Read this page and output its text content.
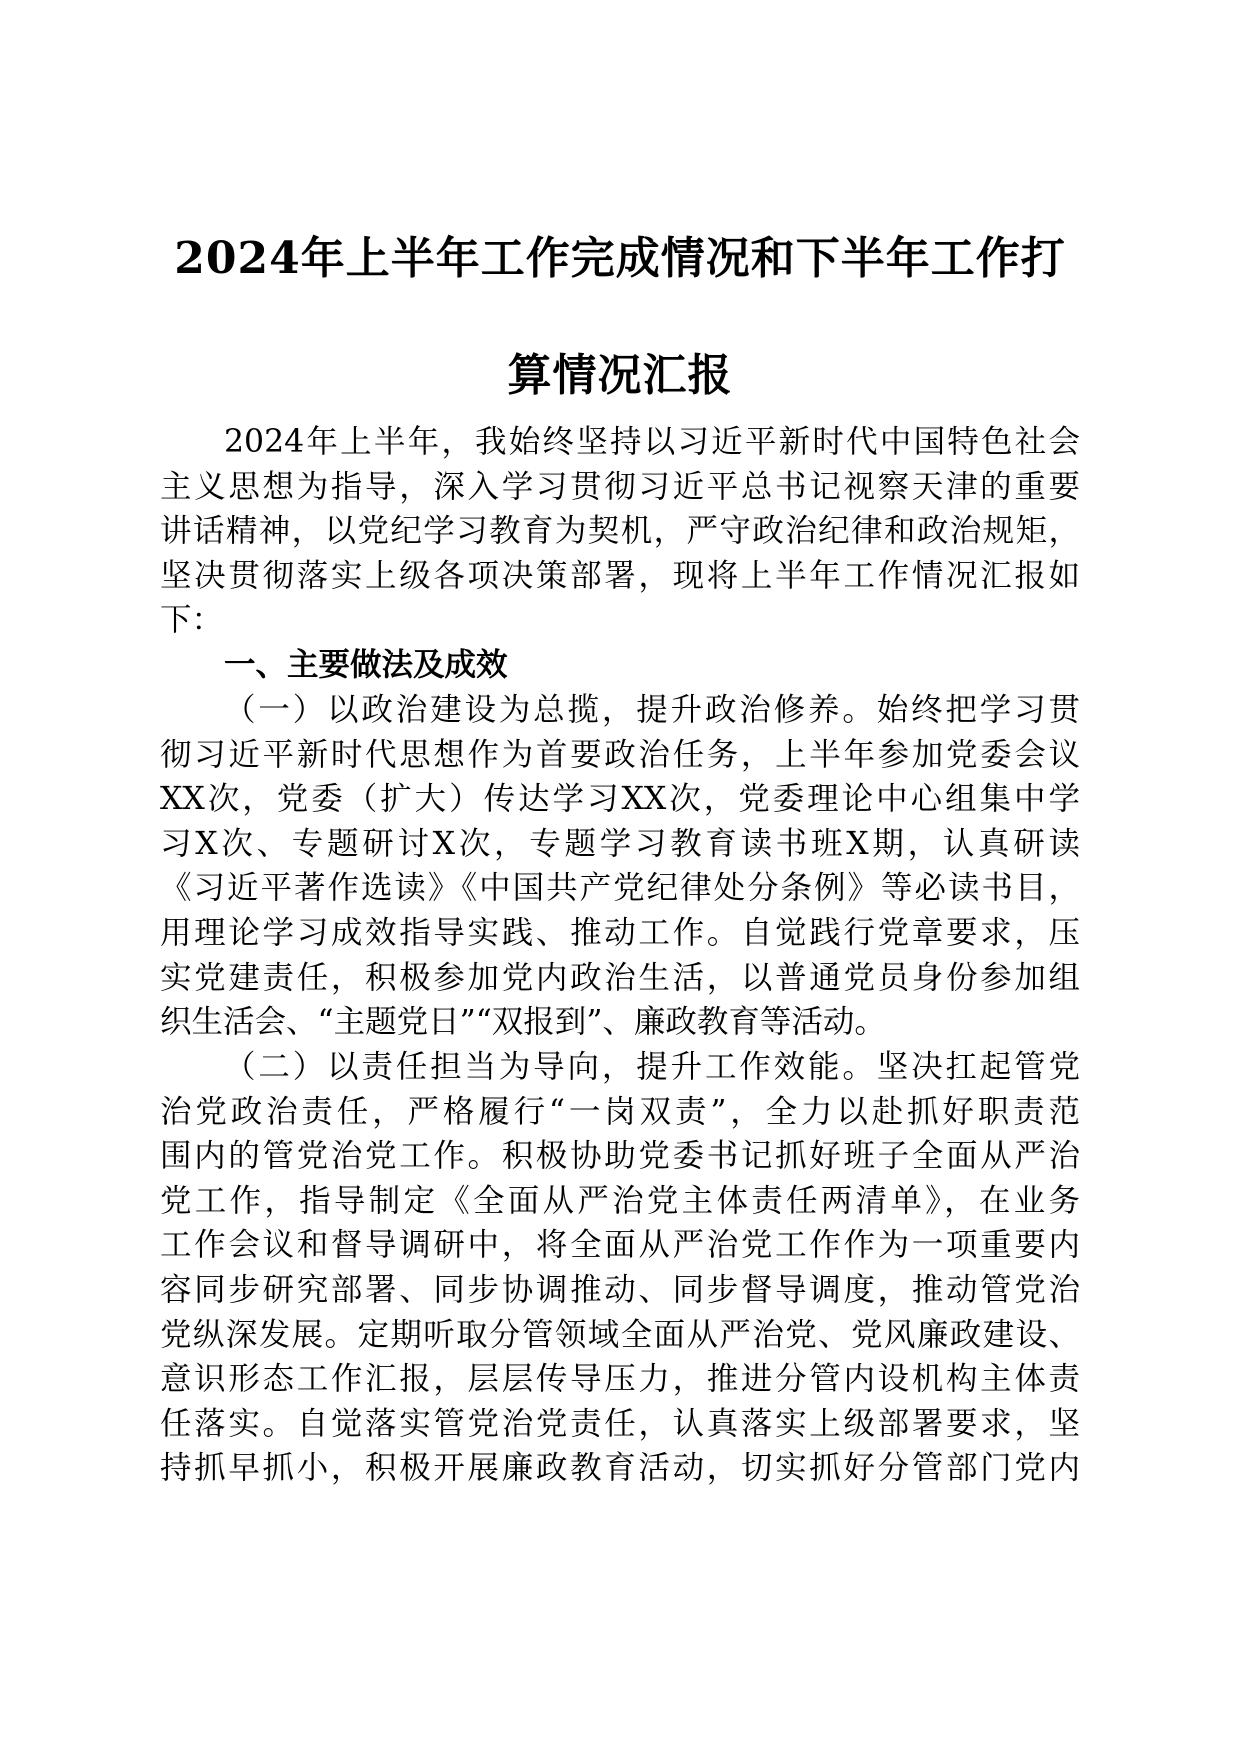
2024年上半年工作完成情况和下半年工作打
算情况汇报
2024年上半年，我始终坚持以习近平新时代中国特色社会
主义思想为指导，深入学习贯彻习近平总书记视察天津的重要
讲话精神，以党纪学习教育为契机，严守政治纪律和政治规矩，
坚决贯彻落实上级各项决策部署，现将上半年工作情况汇报如
下：
一、主要做法及成效
（一）以政治建设为总揽，提升政治修养。始终把学习贯
彻习近平新时代思想作为首要政治任务，上半年参加党委会议
XX次，党委（扩大）传达学习XX次，党委理论中心组集中学
习X次、专题研讨X次，专题学习教育读书班X期，认真研读
《习近平著作选读》《中国共产党纪律处分条例》等必读书目，
用理论学习成效指导实践、推动工作。自觉践行党章要求，压
实党建责任，积极参加党内政治生活，以普通党员身份参加组
织生活会、“主题党日”“双报到”、廉政教育等活动。
（二）以责任担当为导向，提升工作效能。坚决扛起管党
治党政治责任，严格履行“一岗双责”，全力以赴抓好职责范
围内的管党治党工作。积极协助党委书记抓好班子全面从严治
党工作，指导制定《全面从严治党主体责任两清单》，在业务
工作会议和督导调研中，将全面从严治党工作作为一项重要内
容同步研究部署、同步协调推动、同步督导调度，推动管党治
党纵深发展。定期听取分管领域全面从严治党、党风廉政建设、
意识形态工作汇报，层层传导压力，推进分管内设机构主体责
任落实。自觉落实管党治党责任，认真落实上级部署要求，坚
持抓早抓小，积极开展廉政教育活动，切实抓好分管部门党内
